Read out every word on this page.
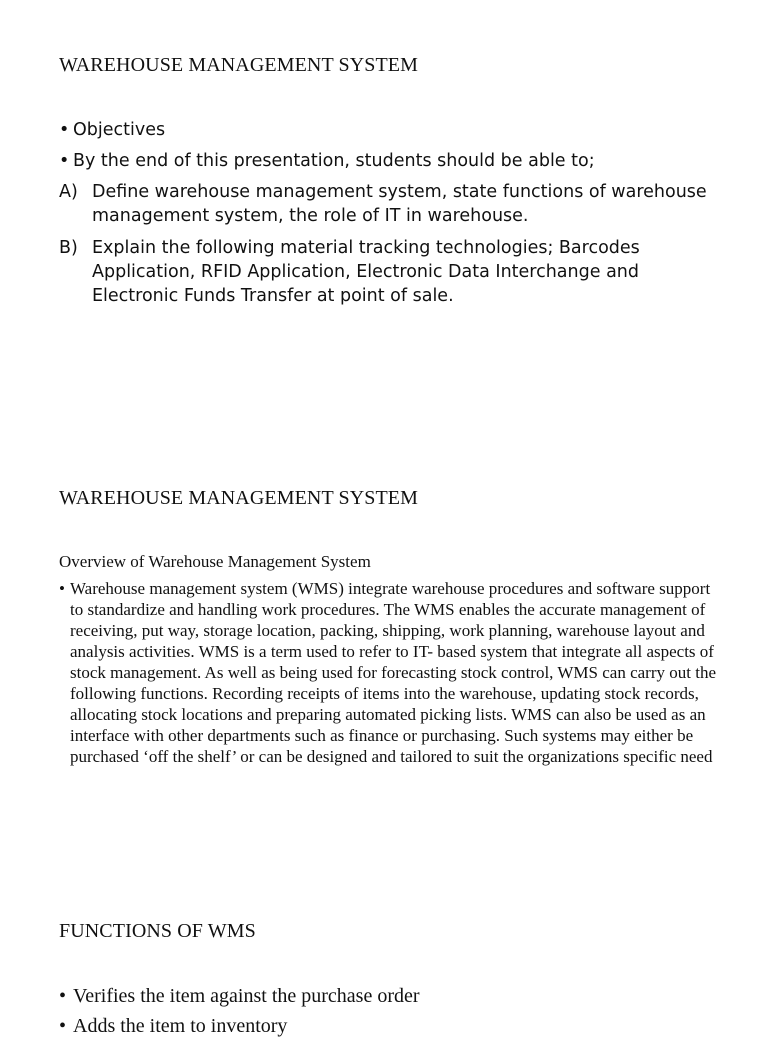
WAREHOUSE MANAGEMENT SYSTEM
• Objectives
• By the end of this presentation, students should be able to;
A) Define warehouse management system, state functions of warehouse management system, the role of IT in warehouse.
B) Explain the following material tracking technologies; Barcodes Application, RFID Application, Electronic Data Interchange and Electronic Funds Transfer at point of sale.
WAREHOUSE MANAGEMENT SYSTEM
Overview of Warehouse Management System
• Warehouse management system (WMS) integrate warehouse procedures and software support to standardize and handling work procedures. The WMS enables the accurate management of receiving, put way, storage location, packing, shipping, work planning, warehouse layout and analysis activities. WMS is a term used to refer to IT- based system that integrate all aspects of stock management. As well as being used for forecasting stock control, WMS can carry out the following functions. Recording receipts of items into the warehouse, updating stock records, allocating stock locations and preparing automated picking lists. WMS can also be used as an interface with other departments such as finance or purchasing. Such systems may either be purchased ‘off the shelf’ or can be designed and tailored to suit the organizations specific need
FUNCTIONS OF WMS
• Verifies the item against the purchase order
• Adds the item to inventory
